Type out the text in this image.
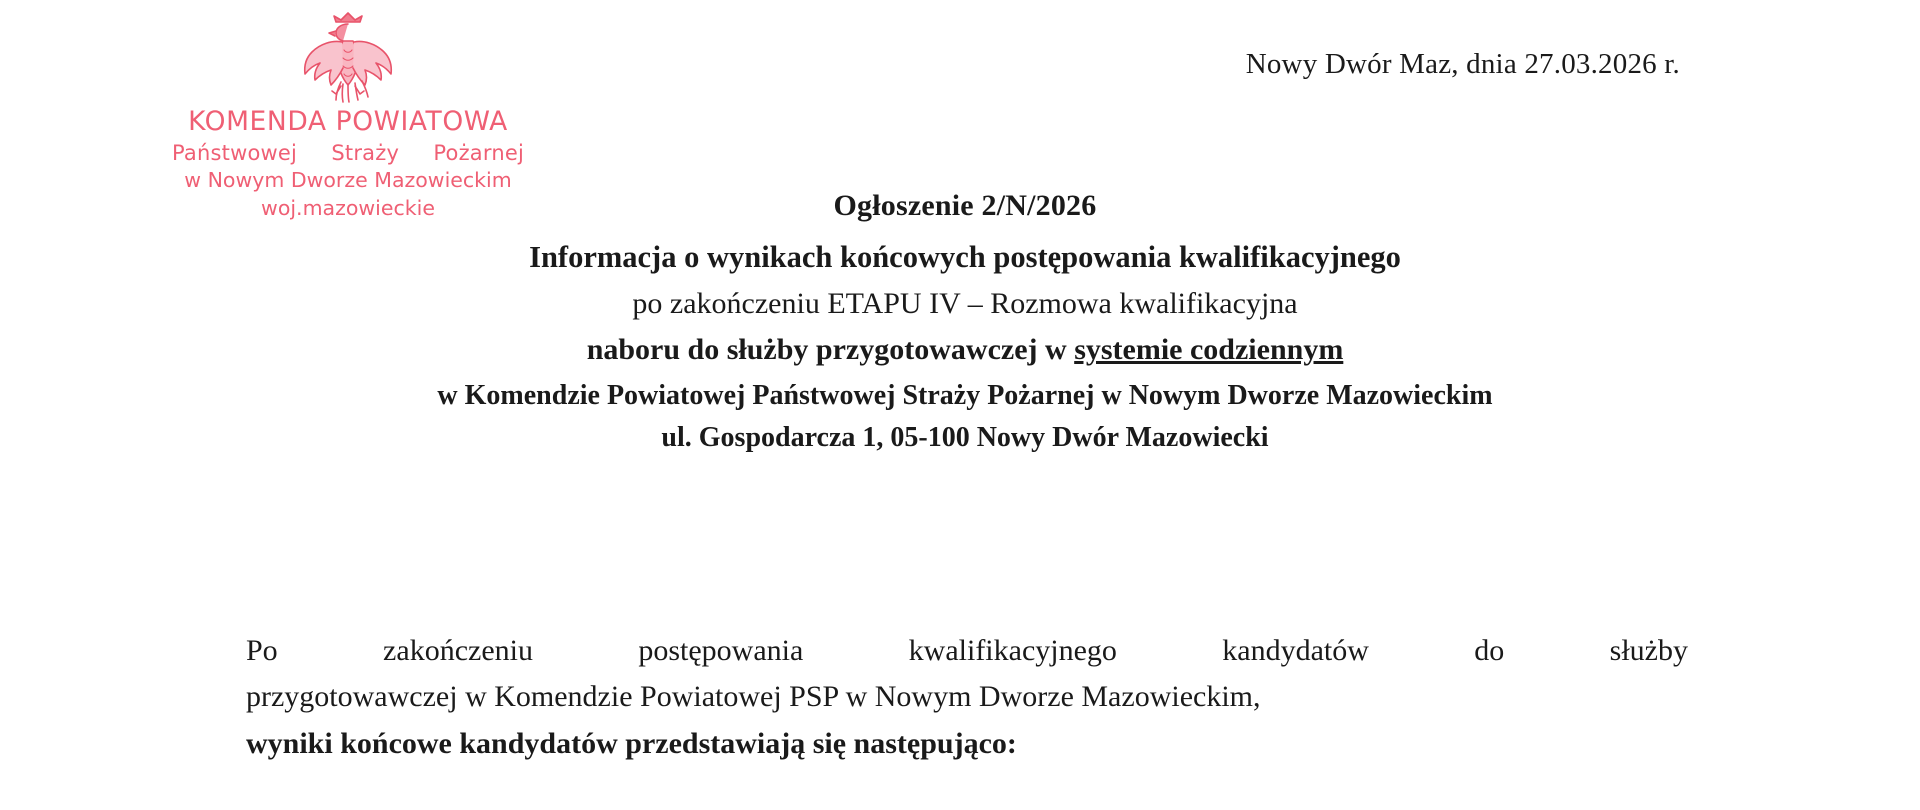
KOMENDA POWIATOWA
Państwowej Straży Pożarnej
w Nowym Dworze Mazowieckim
woj.mazowieckie
Nowy Dwór Maz, dnia 27.03.2026 r.
Ogłoszenie 2/N/2026
Informacja o wynikach końcowych postępowania kwalifikacyjnego
po zakończeniu ETAPU IV – Rozmowa kwalifikacyjna
naboru do służby przygotowawczej w systemie codziennym
w Komendzie Powiatowej Państwowej Straży Pożarnej w Nowym Dworze Mazowieckim
ul. Gospodarcza 1, 05-100 Nowy Dwór Mazowiecki
Po zakończeniu postępowania kwalifikacyjnego kandydatów do służby
przygotowawczej w Komendzie Powiatowej PSP w Nowym Dworze Mazowieckim,
wyniki końcowe kandydatów przedstawiają się następująco:
